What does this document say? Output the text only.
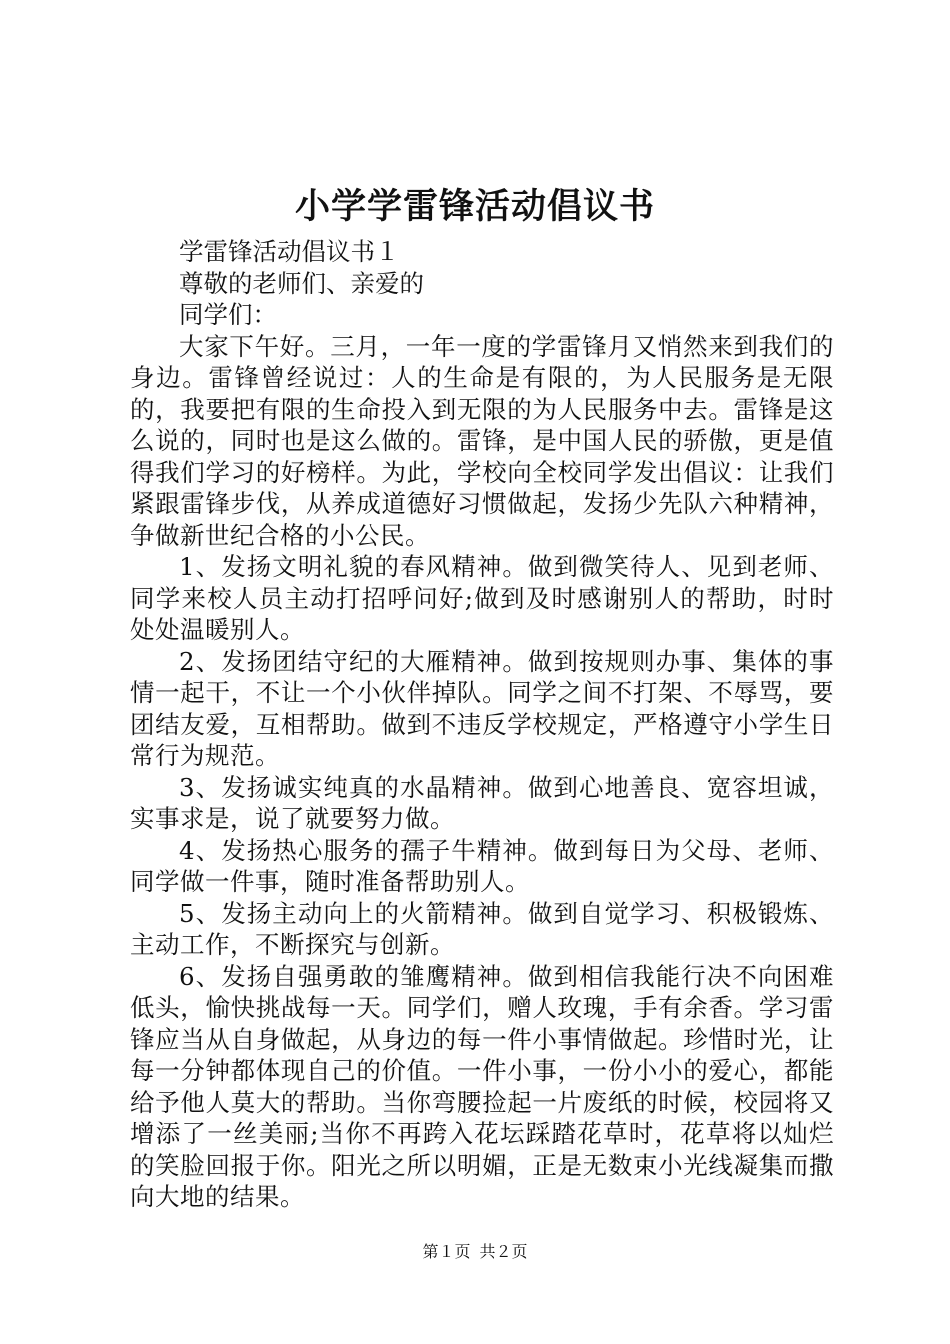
小学学雷锋活动倡议书

学雷锋活动倡议书１

尊敬的老师们、亲爱的

同学们：

大家下午好。三月，一年一度的学雷锋月又悄然来到我们的身边。雷锋曾经说过：人的生命是有限的，为人民服务是无限的，我要把有限的生命投入到无限的为人民服务中去。雷锋是这么说的，同时也是这么做的。雷锋，是中国人民的骄傲，更是值得我们学习的好榜样。为此，学校向全校同学发出倡议：让我们紧跟雷锋步伐，从养成道德好习惯做起，发扬少先队六种精神，争做新世纪合格的小公民。

1、发扬文明礼貌的春风精神。做到微笑待人、见到老师、同学来校人员主动打招呼问好;做到及时感谢别人的帮助，时时处处温暖别人。

2、发扬团结守纪的大雁精神。做到按规则办事、集体的事情一起干，不让一个小伙伴掉队。同学之间不打架、不辱骂，要团结友爱，互相帮助。做到不违反学校规定，严格遵守小学生日常行为规范。

3、发扬诚实纯真的水晶精神。做到心地善良、宽容坦诚，实事求是，说了就要努力做。

4、发扬热心服务的孺子牛精神。做到每日为父母、老师、同学做一件事，随时准备帮助别人。

5、发扬主动向上的火箭精神。做到自觉学习、积极锻炼、主动工作，不断探究与创新。

6、发扬自强勇敢的雏鹰精神。做到相信我能行决不向困难低头，愉快挑战每一天。同学们，赠人玫瑰，手有余香。学习雷锋应当从自身做起，从身边的每一件小事情做起。珍惜时光，让每一分钟都体现自己的价值。一件小事，一份小小的爱心，都能给予他人莫大的帮助。当你弯腰捡起一片废纸的时候，校园将又增添了一丝美丽;当你不再跨入花坛踩踏花草时，花草将以灿烂的笑脸回报于你。阳光之所以明媚，正是无数束小光线凝集而撒向大地的结果。

第１页 共２页
